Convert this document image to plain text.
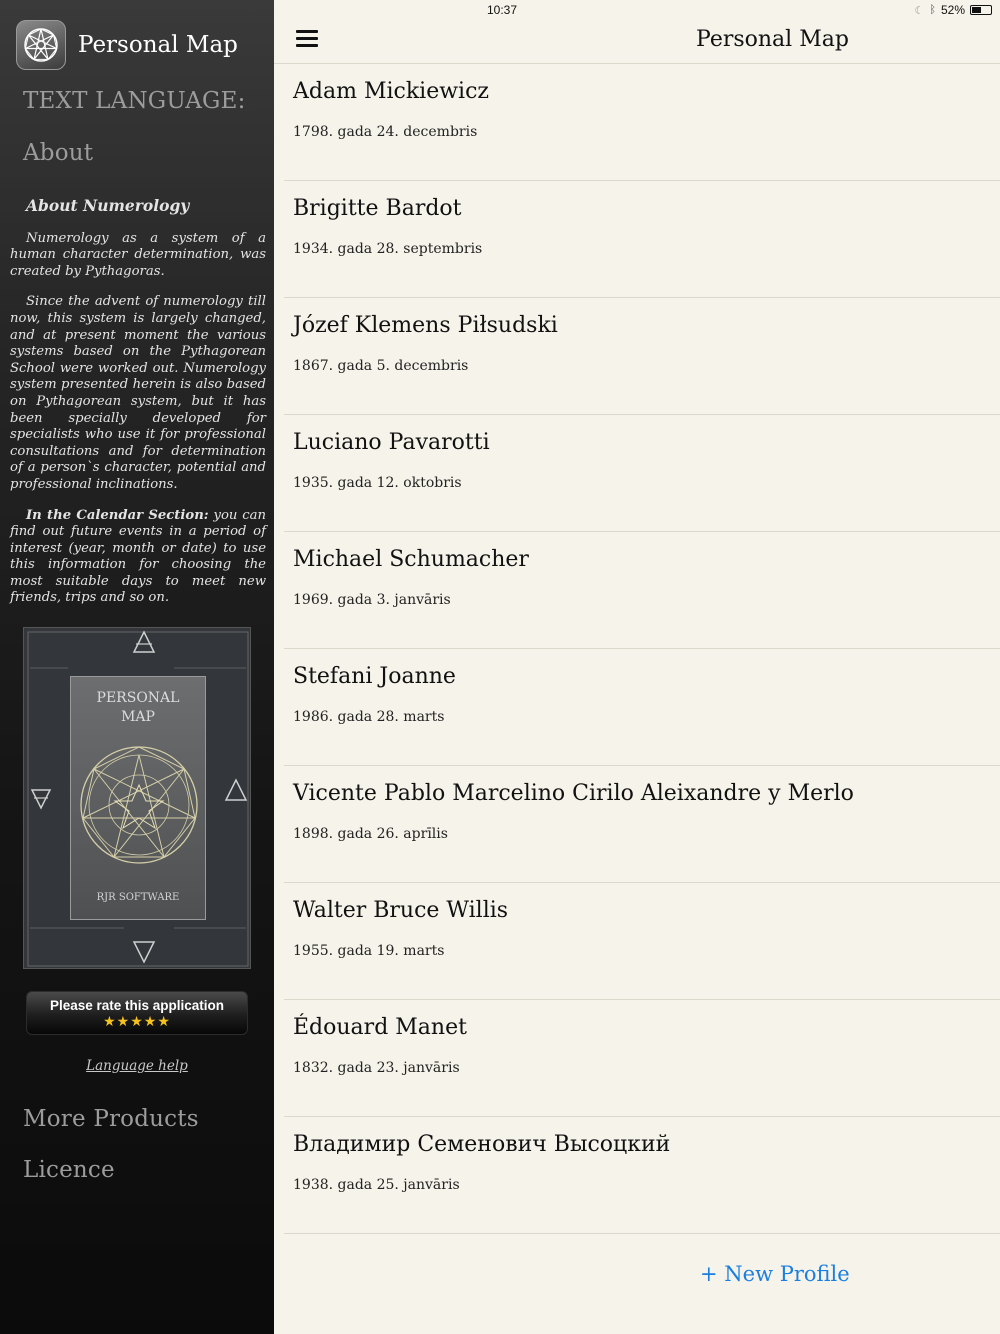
Personal Map
TEXT LANGUAGE:
About
About Numerology

Numerology as a system of a human character determination, was created by Pythagoras.

Since the advent of numerology till now, this system is largely changed, and at present moment the various systems based on the Pythagorean School were worked out. Numerology system presented herein is also based on Pythagorean system, but it has been specially developed for specialists who use it for professional consultations and for determination of a person`s character, potential and professional inclinations.

In the Calendar Section: you can find out future events in a period of interest (year, month or date) to use this information for choosing the most suitable days to meet new friends, trips and so on.

PERSONAL
MAP
RJR SOFTWARE
Please rate this application
★★★★★
Language help
More Products
Licence
10:37	☾ ᛒ 52%
Personal Map
Adam Mickiewicz
1798. gada 24. decembris
Brigitte Bardot
1934. gada 28. septembris
Józef Klemens Piłsudski
1867. gada 5. decembris
Luciano Pavarotti
1935. gada 12. oktobris
Michael Schumacher
1969. gada 3. janvāris
Stefani Joanne
1986. gada 28. marts
Vicente Pablo Marcelino Cirilo Aleixandre y Merlo
1898. gada 26. aprīlis
Walter Bruce Willis
1955. gada 19. marts
Édouard Manet
1832. gada 23. janvāris
Владимир Семенович Высоцкий
1938. gada 25. janvāris
+ New Profile
